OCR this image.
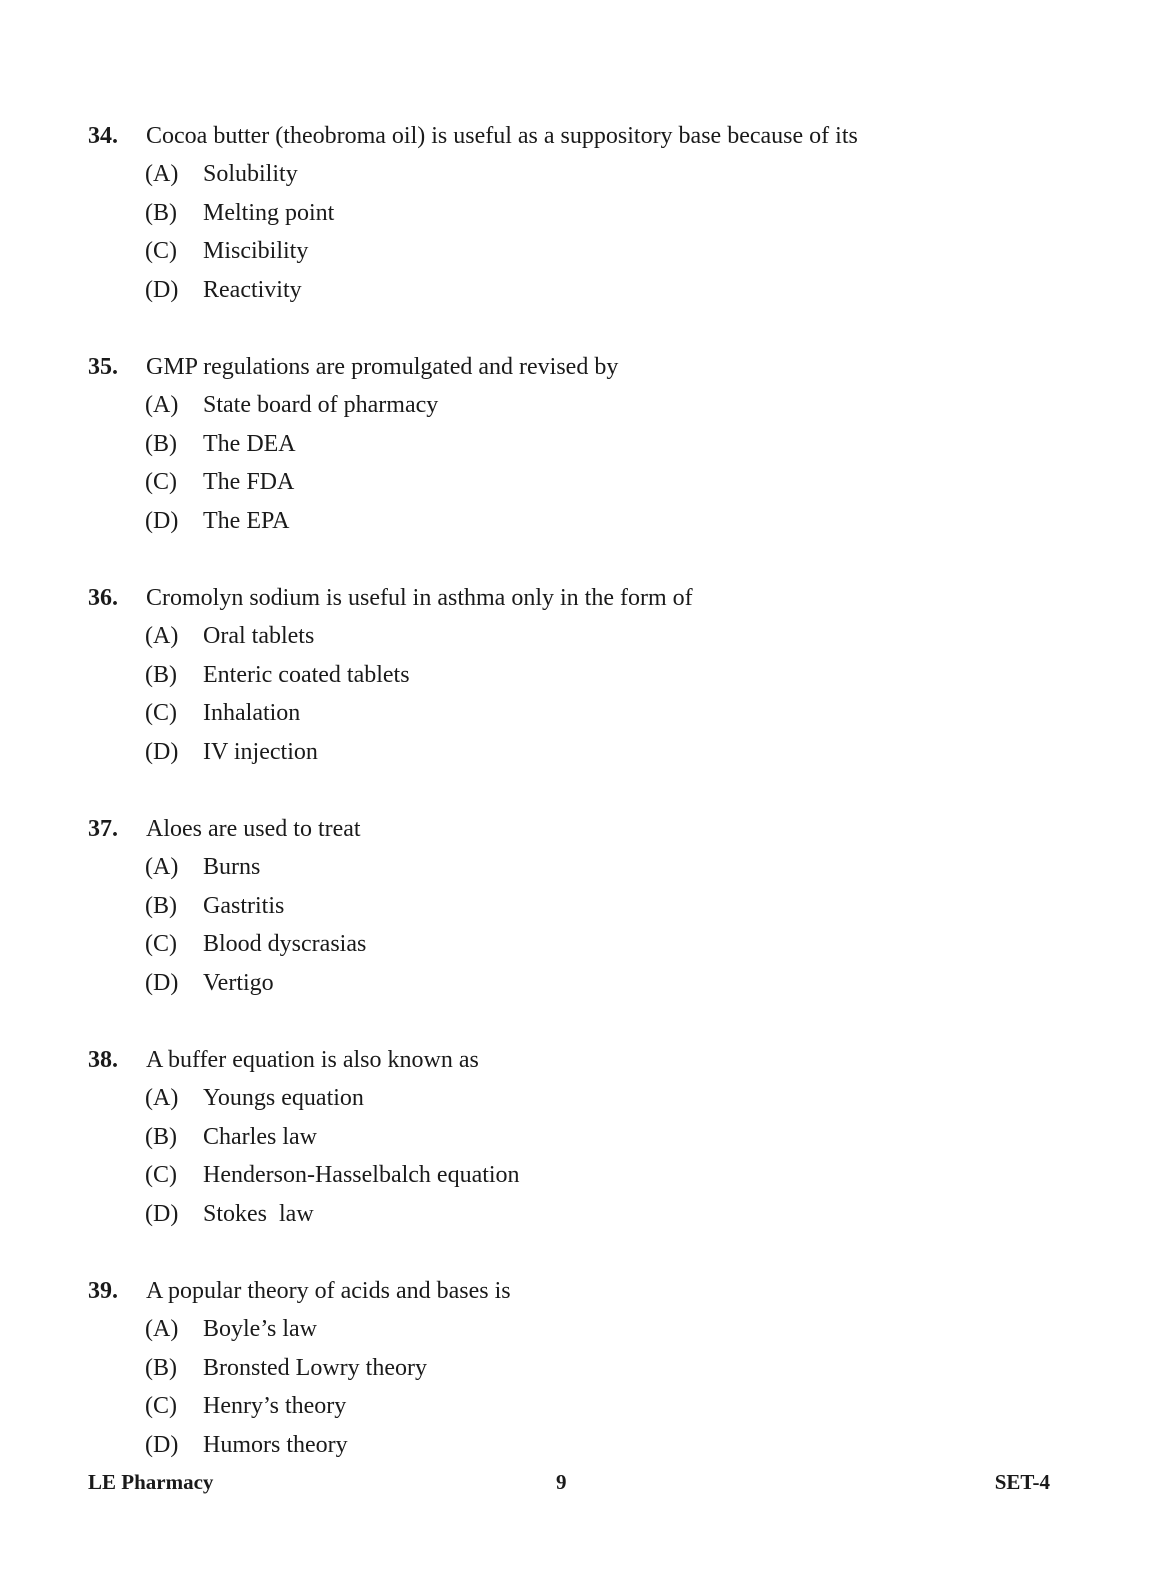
34.	Cocoa butter (theobroma oil) is useful as a suppository base because of its
(A)	Solubility
(B)	Melting point
(C)	Miscibility
(D)	Reactivity
35.	GMP regulations are promulgated and revised by
(A)	State board of pharmacy
(B)	The DEA
(C)	The FDA
(D)	The EPA
36.	Cromolyn sodium is useful in asthma only in the form of
(A)	Oral tablets
(B)	Enteric coated tablets
(C)	Inhalation
(D)	IV injection
37.	Aloes are used to treat
(A)	Burns
(B)	Gastritis
(C)	Blood dyscrasias
(D)	Vertigo
38.	A buffer equation is also known as
(A)	Youngs equation
(B)	Charles law
(C)	Henderson-Hasselbalch equation
(D)	Stokes  law
39.	A popular theory of acids and bases is
(A)	Boyle’s law
(B)	Bronsted Lowry theory
(C)	Henry’s theory
(D)	Humors theory
LE Pharmacy	9	SET-4
